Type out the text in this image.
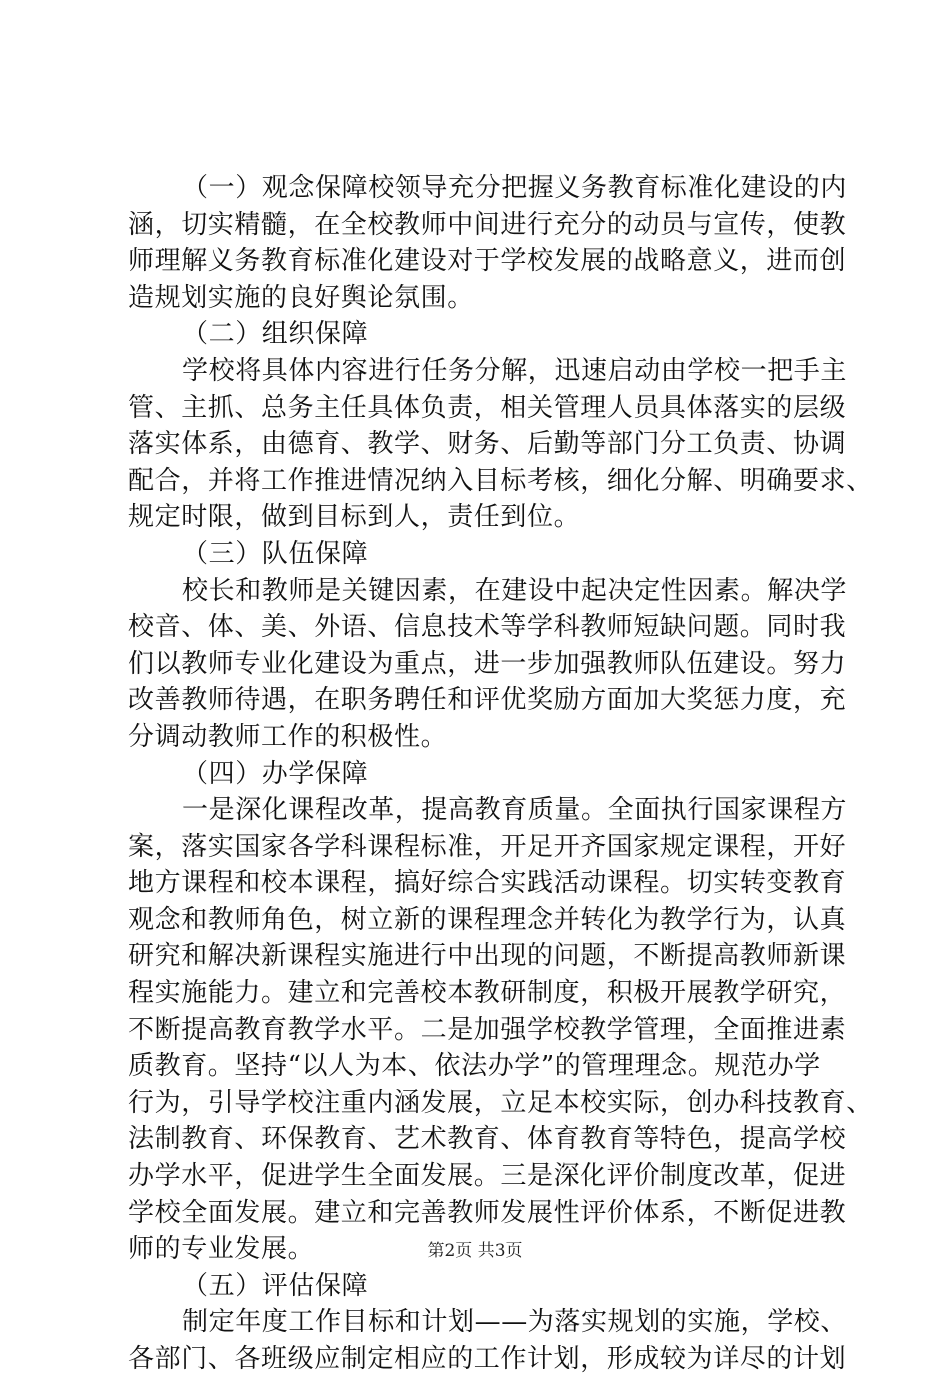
（一）观念保障校领导充分把握义务教育标准化建设的内
涵，切实精髓，在全校教师中间进行充分的动员与宣传，使教
师理解义务教育标准化建设对于学校发展的战略意义，进而创
造规划实施的良好舆论氛围。
（二）组织保障
学校将具体内容进行任务分解，迅速启动由学校一把手主
管、主抓、总务主任具体负责，相关管理人员具体落实的层级
落实体系，由德育、教学、财务、后勤等部门分工负责、协调
配合，并将工作推进情况纳入目标考核，细化分解、明确要求、
规定时限，做到目标到人，责任到位。
（三）队伍保障
校长和教师是关键因素，在建设中起决定性因素。解决学
校音、体、美、外语、信息技术等学科教师短缺问题。同时我
们以教师专业化建设为重点，进一步加强教师队伍建设。努力
改善教师待遇，在职务聘任和评优奖励方面加大奖惩力度，充
分调动教师工作的积极性。
（四）办学保障
一是深化课程改革，提高教育质量。全面执行国家课程方
案，落实国家各学科课程标准，开足开齐国家规定课程，开好
地方课程和校本课程，搞好综合实践活动课程。切实转变教育
观念和教师角色，树立新的课程理念并转化为教学行为，认真
研究和解决新课程实施进行中出现的问题，不断提高教师新课
程实施能力。建立和完善校本教研制度，积极开展教学研究，
不断提高教育教学水平。二是加强学校教学管理，全面推进素
质教育。坚持“以人为本、依法办学”的管理理念。规范办学
行为，引导学校注重内涵发展，立足本校实际，创办科技教育、
法制教育、环保教育、艺术教育、体育教育等特色，提高学校
办学水平，促进学生全面发展。三是深化评价制度改革，促进
学校全面发展。建立和完善教师发展性评价体系，不断促进教
师的专业发展。
（五）评估保障
制定年度工作目标和计划——为落实规划的实施，学校、
各部门、各班级应制定相应的工作计划，形成较为详尽的计划
第2页 共3页
